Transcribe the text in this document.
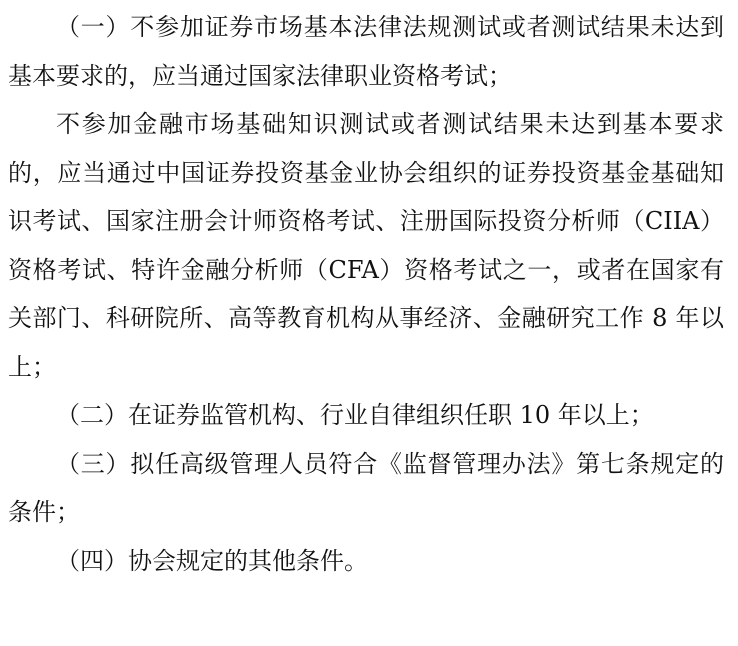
（一）不参加证券市场基本法律法规测试或者测试结果未达到基本要求的，应当通过国家法律职业资格考试；

不参加金融市场基础知识测试或者测试结果未达到基本要求的，应当通过中国证券投资基金业协会组织的证券投资基金基础知识考试、国家注册会计师资格考试、注册国际投资分析师（CIIA）资格考试、特许金融分析师（CFA）资格考试之一，或者在国家有关部门、科研院所、高等教育机构从事经济、金融研究工作 8 年以上；

（二）在证券监管机构、行业自律组织任职 10 年以上；

（三）拟任高级管理人员符合《监督管理办法》第七条规定的条件；

（四）协会规定的其他条件。
